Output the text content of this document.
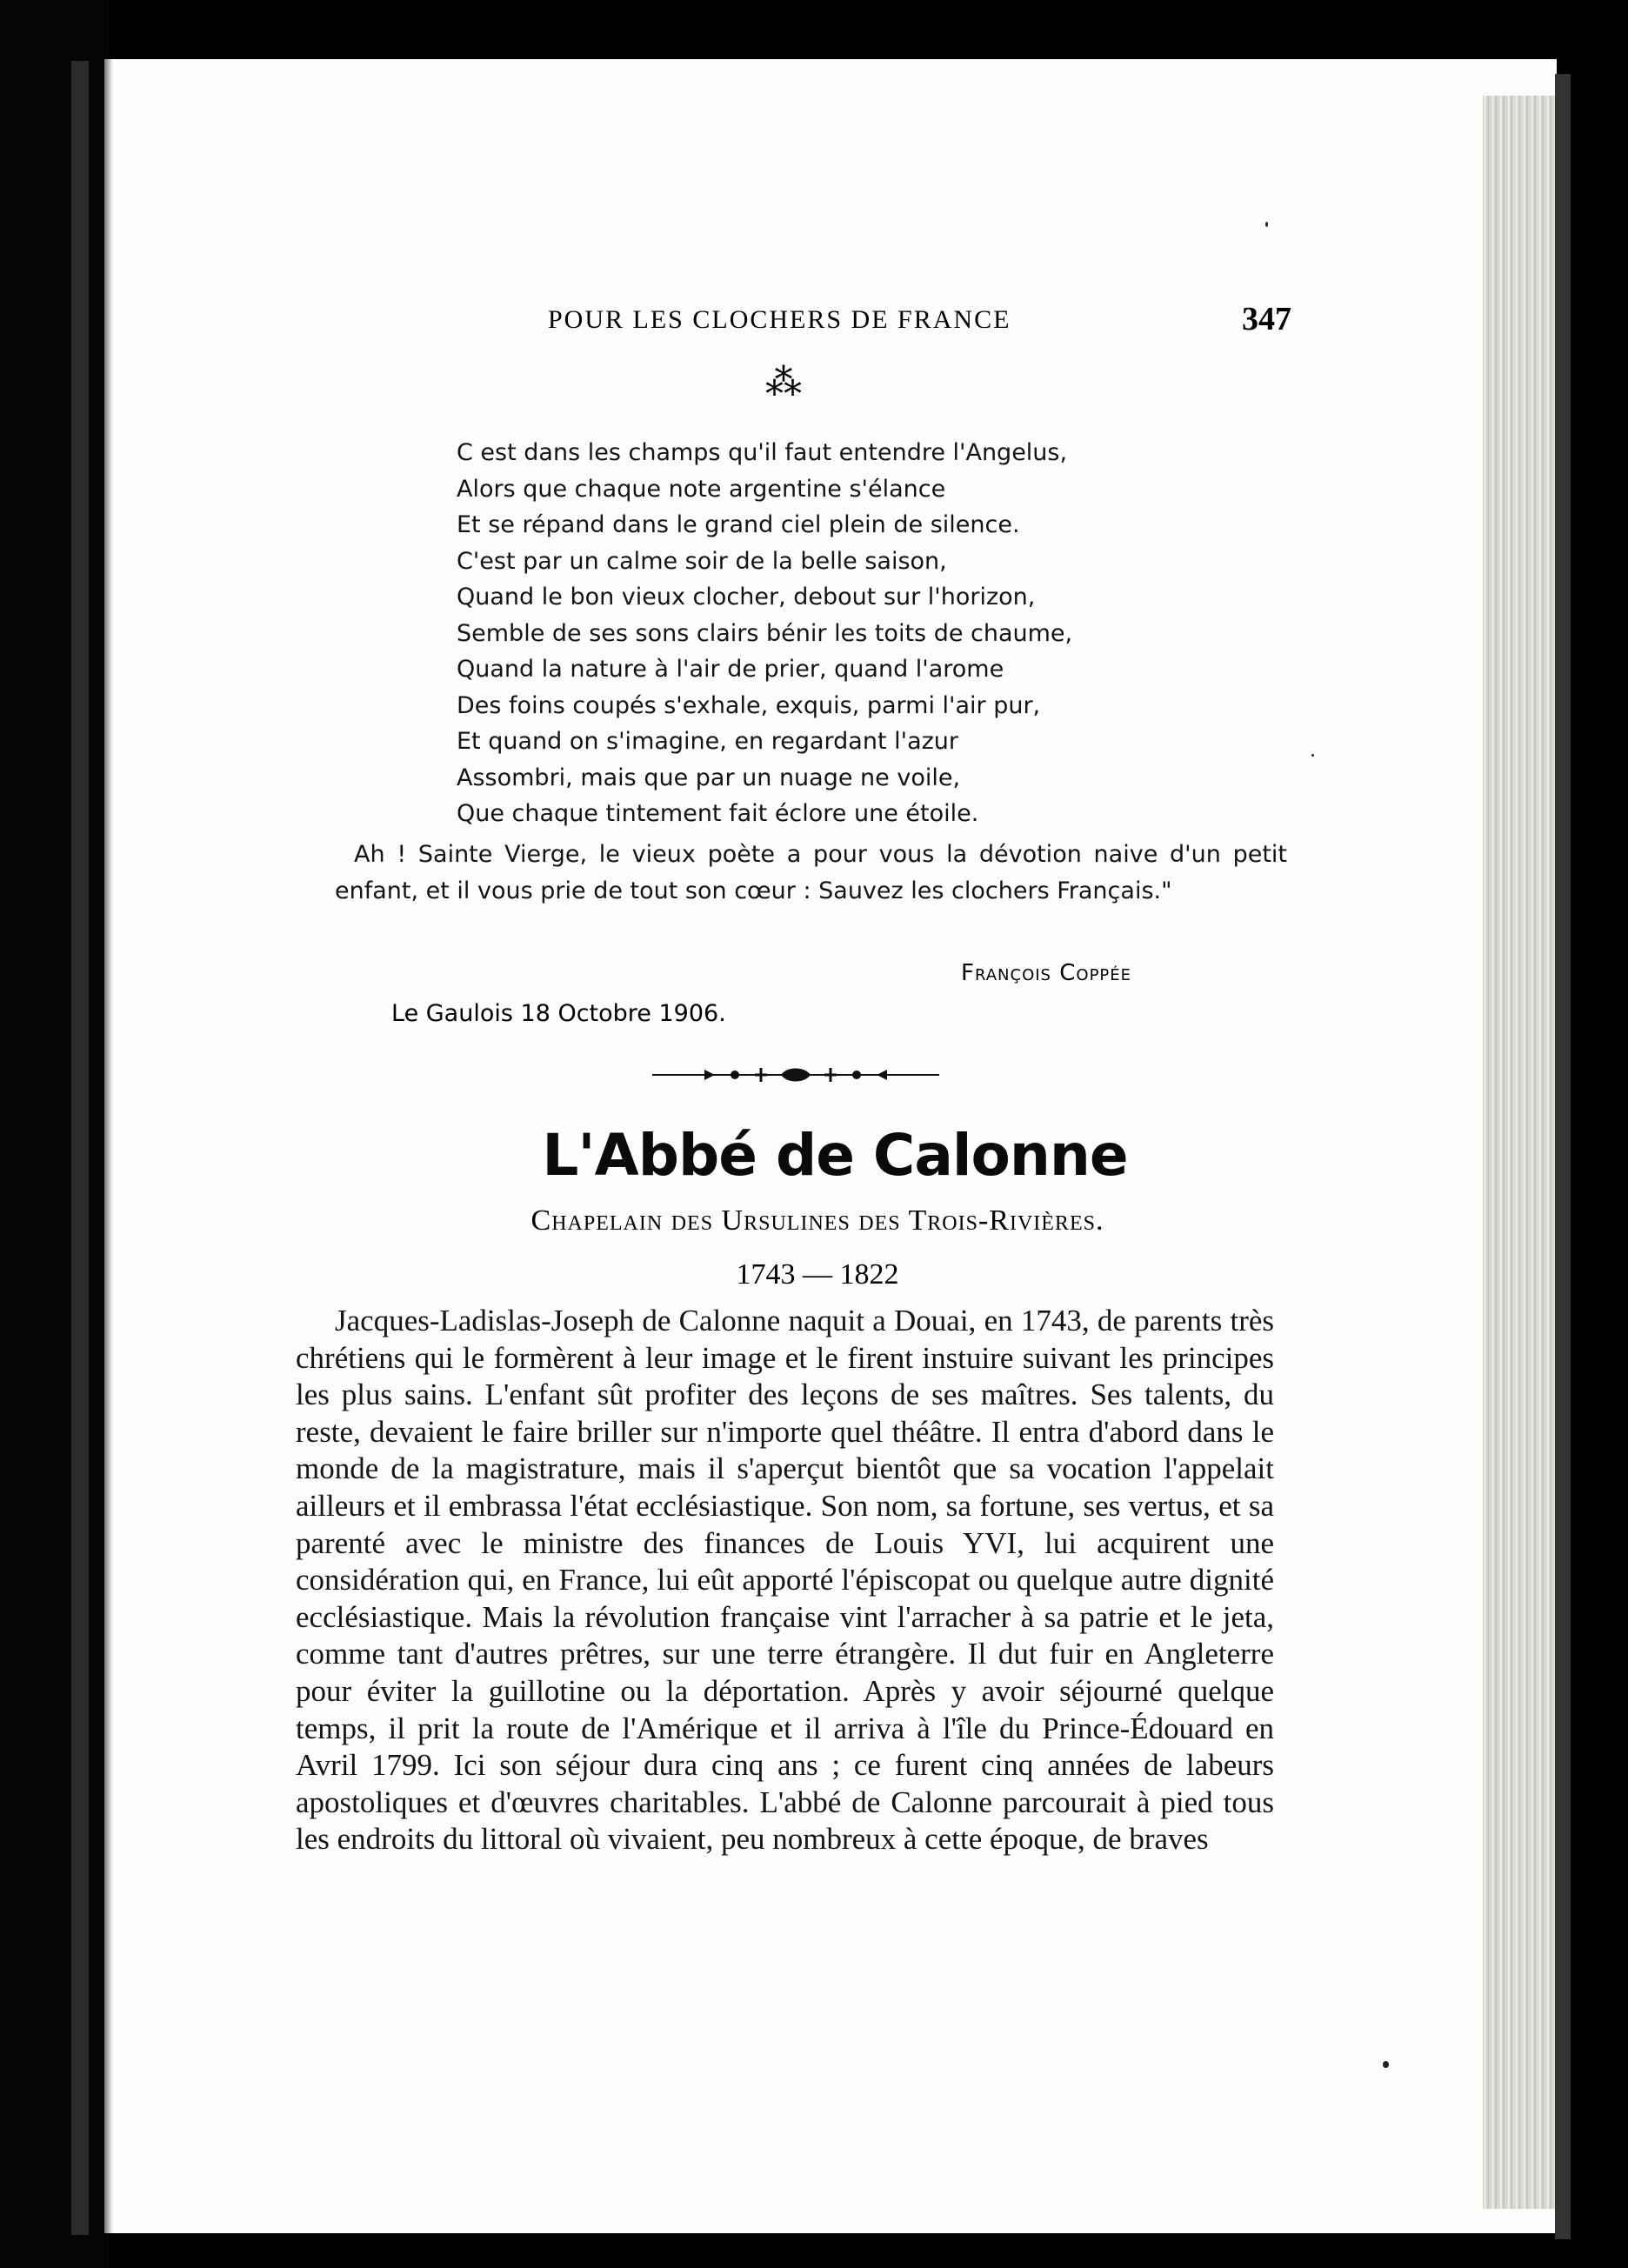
POUR LES CLOCHERS DE FRANCE	347
⁂
C est dans les champs qu'il faut entendre l'Angelus,
Alors que chaque note argentine s'élance
Et se répand dans le grand ciel plein de silence.
C'est par un calme soir de la belle saison,
Quand le bon vieux clocher, debout sur l'horizon,
Semble de ses sons clairs bénir les toits de chaume,
Quand la nature à l'air de prier, quand l'arome
Des foins coupés s'exhale, exquis, parmi l'air pur,
Et quand on s'imagine, en regardant l'azur
Assombri, mais que par un nuage ne voile,
Que chaque tintement fait éclore une étoile.
Ah ! Sainte Vierge, le vieux poète a pour vous la dévotion naive d'un petit enfant, et il vous prie de tout son cœur : Sauvez les clochers Français."
François Coppée
Le Gaulois 18 Octobre 1906.
L'Abbé de Calonne
Chapelain des Ursulines des Trois-Rivières.
1743 — 1822
Jacques-Ladislas-Joseph de Calonne naquit a Douai, en 1743, de parents très chrétiens qui le formèrent à leur image et le firent instuire suivant les principes les plus sains. L'enfant sût profiter des leçons de ses maîtres. Ses talents, du reste, devaient le faire briller sur n'importe quel théâtre. Il entra d'abord dans le monde de la magistrature, mais il s'aperçut bientôt que sa vocation l'appelait ailleurs et il embrassa l'état ecclésiastique. Son nom, sa fortune, ses vertus, et sa parenté avec le ministre des finances de Louis YVI, lui acquirent une considération qui, en France, lui eût apporté l'épiscopat ou quelque autre dignité ecclésiastique. Mais la révolution française vint l'arracher à sa patrie et le jeta, comme tant d'autres prêtres, sur une terre étrangère. Il dut fuir en Angleterre pour éviter la guillotine ou la déportation. Après y avoir séjourné quelque temps, il prit la route de l'Amérique et il arriva à l'île du Prince-Édouard en Avril 1799. Ici son séjour dura cinq ans ; ce furent cinq années de labeurs apostoliques et d'œuvres charitables. L'abbé de Calonne parcourait à pied tous les endroits du littoral où vivaient, peu nombreux à cette époque, de braves
